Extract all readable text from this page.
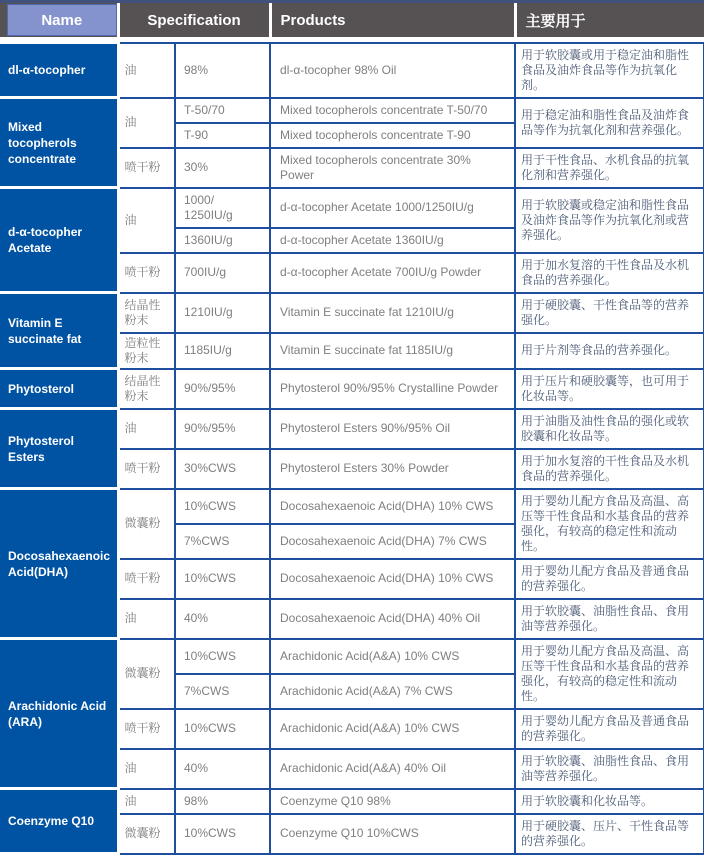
Name	Specification		Products	主要用于

dl-α-tocopher	油	98%	dl-α-tocopher 98% Oil	用于软胶囊或用于稳定油和脂性食品及油炸食品等作为抗氧化剂。
Mixed tocopherols concentrate	油	T-50/70	Mixed tocopherols concentrate T-50/70	用于稳定油和脂性食品及油炸食品等作为抗氧化剂和营养强化。
		T-90	Mixed tocopherols concentrate T-90	
	喷干粉	30%	Mixed tocopherols concentrate 30% Power	用于干性食品、水机食品的抗氧化剂和营养强化。
d-α-tocopher Acetate	油	1000/ 1250IU/g	d-α-tocopher Acetate 1000/1250IU/g	用于软胶囊或稳定油和脂性食品及油炸食品等作为抗氧化剂或营养强化。
		1360IU/g	d-α-tocopher Acetate 1360IU/g	
	喷干粉	700IU/g	d-α-tocopher Acetate 700IU/g Powder	用于加水复溶的干性食品及水机食品的营养强化。
Vitamin E succinate fat	结晶性粉末	1210IU/g	Vitamin E succinate fat 1210IU/g	用于硬胶囊、干性食品等的营养强化。
	造粒性粉末	1185IU/g	Vitamin E succinate fat 1185IU/g	用于片剂等食品的营养强化。
Phytosterol	结晶性粉末	90%/95%	Phytosterol 90%/95% Crystalline Powder	用于压片和硬胶囊等，也可用于化妆品等。
Phytosterol Esters	油	90%/95%	Phytosterol Esters 90%/95% Oil	用于油脂及油性食品的强化或软胶囊和化妆品等。
	喷干粉	30%CWS	Phytosterol Esters 30% Powder	用于加水复溶的干性食品及水机食品的营养强化。
Docosahexaenoic Acid(DHA)	微囊粉	10%CWS	Docosahexaenoic Acid(DHA) 10% CWS	用于婴幼儿配方食品及高温、高压等干性食品和水基食品的营养强化，有较高的稳定性和流动性。
		7%CWS	Docosahexaenoic Acid(DHA) 7% CWS	
	喷干粉	10%CWS	Docosahexaenoic Acid(DHA) 10% CWS	用于婴幼儿配方食品及普通食品的营养强化。
	油	40%	Docosahexaenoic Acid(DHA) 40% Oil	用于软胶囊、油脂性食品、食用油等营养强化。
Arachidonic Acid (ARA)	微囊粉	10%CWS	Arachidonic Acid(A&A) 10% CWS	用于婴幼儿配方食品及高温、高压等干性食品和水基食品的营养强化，有较高的稳定性和流动性。
		7%CWS	Arachidonic Acid(A&A) 7% CWS	
	喷干粉	10%CWS	Arachidonic Acid(A&A) 10% CWS	用于婴幼儿配方食品及普通食品的营养强化。
	油	40%	Arachidonic Acid(A&A) 40% Oil	用于软胶囊、油脂性食品、食用油等营养强化。
Coenzyme Q10	油	98%	Coenzyme Q10 98%	用于软胶囊和化妆品等。
	微囊粉	10%CWS	Coenzyme Q10 10%CWS	用于硬胶囊、压片、干性食品等的营养强化。
